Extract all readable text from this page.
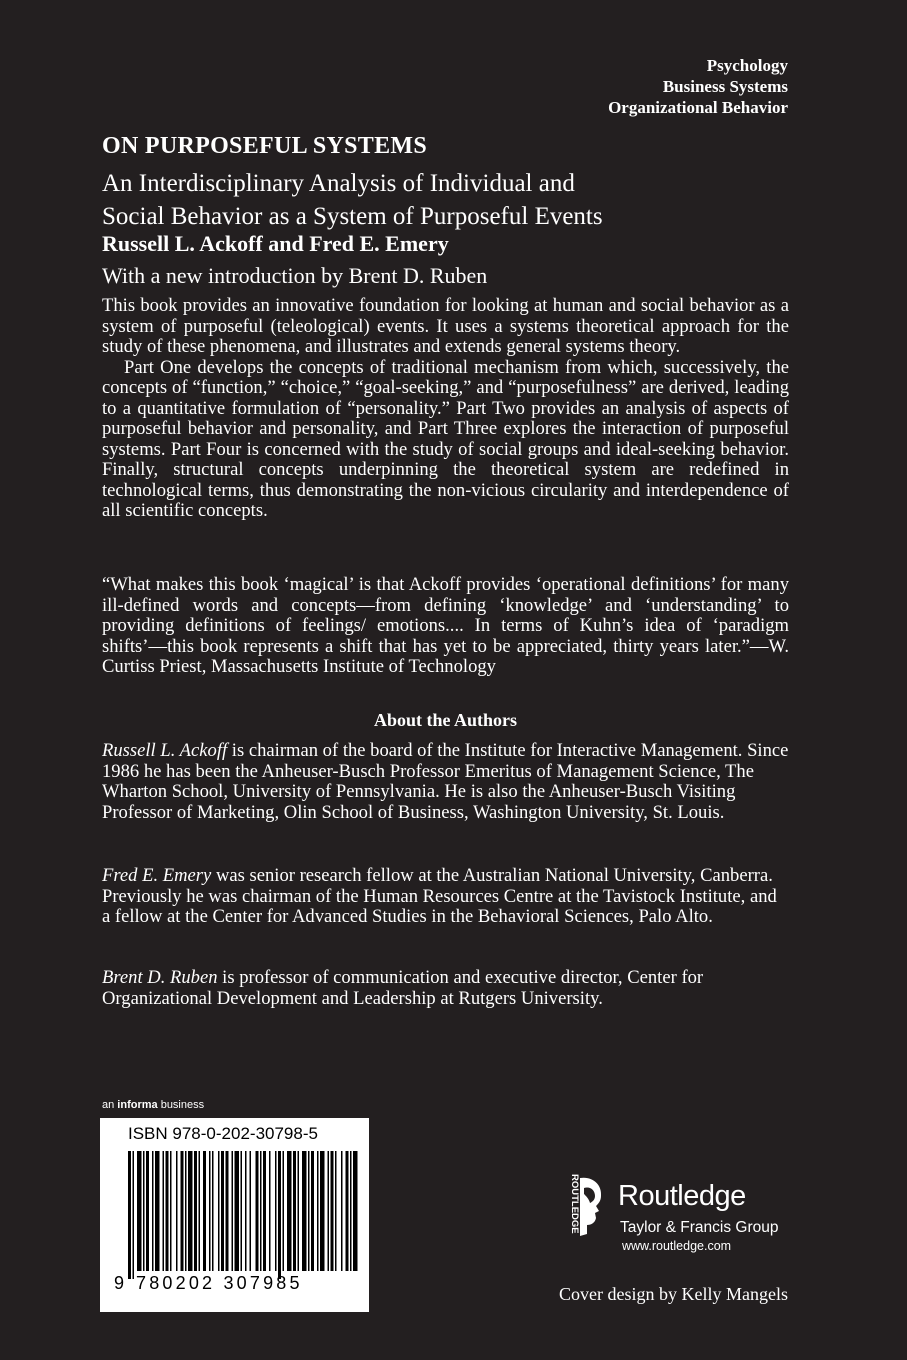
Psychology
Business Systems
Organizational Behavior
ON PURPOSEFUL SYSTEMS
An Interdisciplinary Analysis of Individual and
Social Behavior as a System of Purposeful Events
Russell L. Ackoff and Fred E. Emery
With a new introduction by Brent D. Ruben

This book provides an innovative foundation for looking at human and social behavior as a system of purposeful (teleological) events. It uses a systems theoretical approach for the study of these phenomena, and illustrates and extends general systems theory.

Part One develops the concepts of traditional mechanism from which, successively, the concepts of “function,” “choice,” “goal-seeking,” and “purposefulness” are derived, leading to a quantitative formulation of “personality.” Part Two provides an analysis of aspects of purposeful behavior and personality, and Part Three explores the interaction of purposeful systems. Part Four is concerned with the study of social groups and ideal-seeking behavior. Finally, structural concepts underpinning the theoretical system are redefined in technological terms, thus demonstrating the non-vicious circularity and interdependence of all scientific concepts.

“What makes this book ‘magical’ is that Ackoff provides ‘operational definitions’ for many ill-defined words and concepts—from defining ‘knowledge’ and ‘understanding’ to providing definitions of feelings/ emotions.... In terms of Kuhn’s idea of ‘paradigm shifts’—this book represents a shift that has yet to be appreciated, thirty years later.”—W. Curtiss Priest, Massachusetts Institute of Technology

About the Authors
Russell L. Ackoff is chairman of the board of the Institute for Interactive Management. Since 1986 he has been the Anheuser-Busch Professor Emeritus of Management Science, The Wharton School, University of Pennsylvania. He is also the Anheuser-Busch Visiting Professor of Marketing, Olin School of Business, Washington University, St. Louis.
Fred E. Emery was senior research fellow at the Australian National University, Canberra. Previously he was chairman of the Human Resources Centre at the Tavistock Institute, and a fellow at the Center for Advanced Studies in the Behavioral Sciences, Palo Alto.
Brent D. Ruben is professor of communication and executive director, Center for Organizational Development and Leadership at Rutgers University.
an informa business
ISBN 978-0-202-30798-5
9 780202 307985
ROUTLEDGE Routledge
Taylor & Francis Group
www.routledge.com
Cover design by Kelly Mangels
